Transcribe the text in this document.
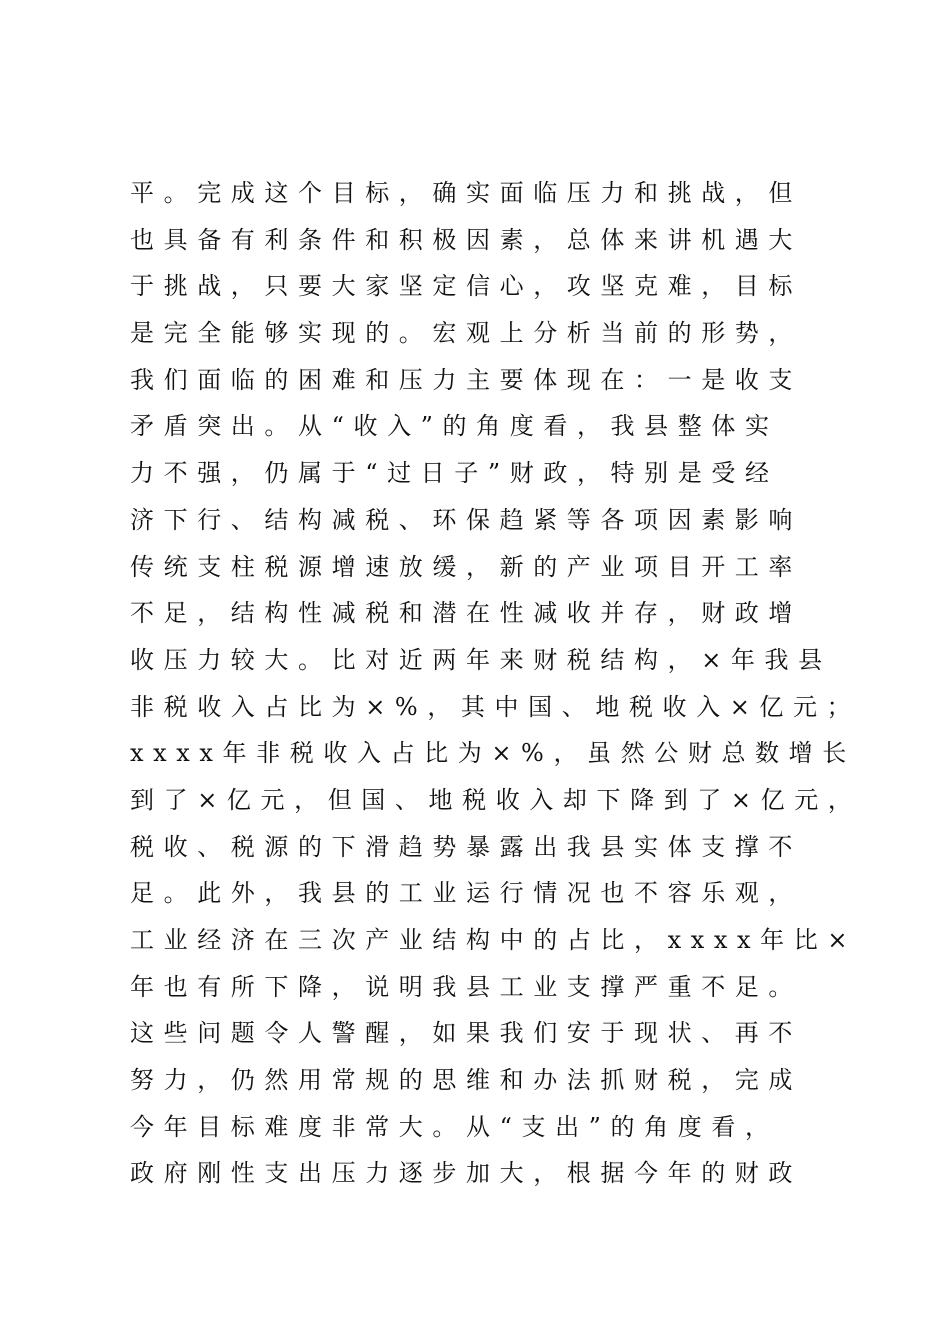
平。完成这个目标，确实面临压力和挑战，但
也具备有利条件和积极因素，总体来讲机遇大
于挑战，只要大家坚定信心，攻坚克难，目标
是完全能够实现的。宏观上分析当前的形势，
我们面临的困难和压力主要体现在：一是收支
矛盾突出。从“收入”的角度看，我县整体实
力不强，仍属于“过日子”财政，特别是受经
济下行、结构减税、环保趋紧等各项因素影响
传统支柱税源增速放缓，新的产业项目开工率
不足，结构性减税和潜在性减收并存，财政增
收压力较大。比对近两年来财税结构，×年我县
非税收入占比为×%，其中国、地税收入×亿元；
xxxx年非税收入占比为×%，虽然公财总数增长
到了×亿元，但国、地税收入却下降到了×亿元，
税收、税源的下滑趋势暴露出我县实体支撑不
足。此外，我县的工业运行情况也不容乐观，
工业经济在三次产业结构中的占比，xxxx年比×
年也有所下降，说明我县工业支撑严重不足。
这些问题令人警醒，如果我们安于现状、再不
努力，仍然用常规的思维和办法抓财税，完成
今年目标难度非常大。从“支出”的角度看，
政府刚性支出压力逐步加大，根据今年的财政
